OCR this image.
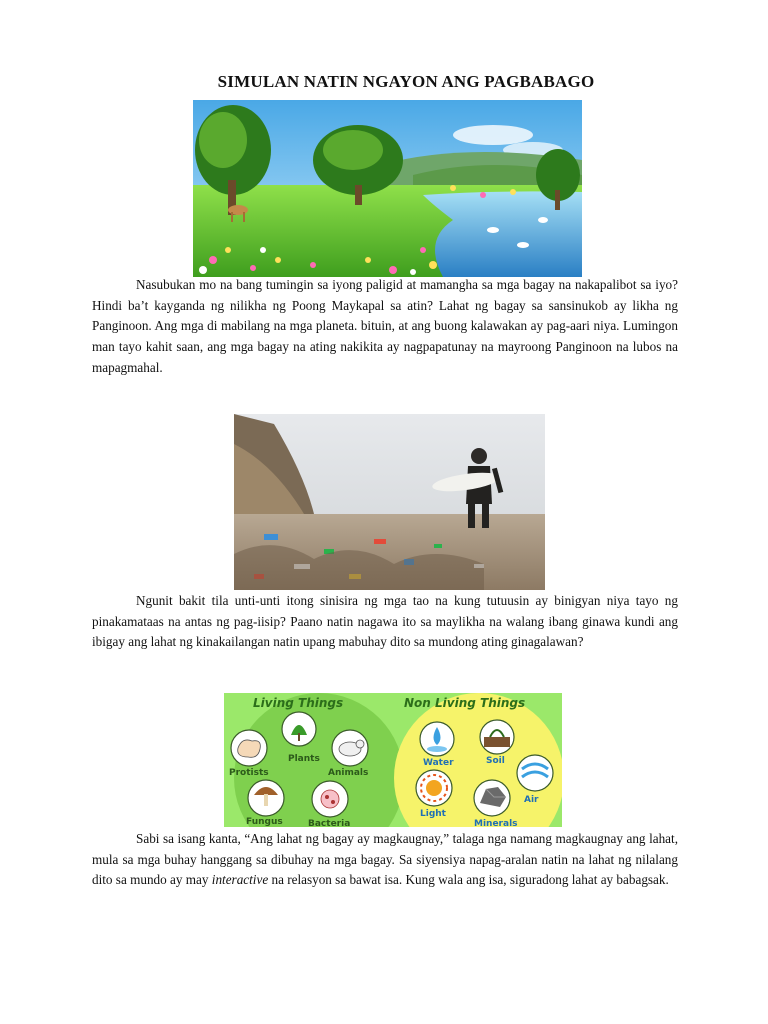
SIMULAN NATIN NGAYON ANG PAGBABAGO

Nasubukan mo na bang tumingin sa iyong paligid at mamangha sa mga bagay na nakapalibot sa iyo? Hindi ba’t kayganda ng nilikha ng Poong Maykapal sa atin? Lahat ng bagay sa sansinukob ay likha ng Panginoon. Ang mga di mabilang na mga planeta. bituin, at ang buong kalawakan ay pag-aari niya. Lumingon man tayo kahit saan, ang mga bagay na ating nakikita ay nagpapatunay na mayroong Panginoon na lubos na mapagmahal.

Ngunit bakit tila unti-unti itong sinisira ng mga tao na kung tutuusin ay binigyan niya tayo ng pinakamataas na antas ng pag-iisip? Paano natin nagawa ito sa maylikha na walang ibang ginawa kundi ang ibigay ang lahat ng kinakailangan natin upang mabuhay dito sa mundong ating ginagalawan?

Living Things	Non Living Things
Plants
Protists	Animals
Fungus	Bacteria
Water	Soil
Air
Light
Minerals

Sabi sa isang kanta, “Ang lahat ng bagay ay magkaugnay,” talaga nga namang magkaugnay ang lahat, mula sa mga buhay hanggang sa dibuhay na mga bagay. Sa siyensiya napag-aralan natin na lahat ng nilalang dito sa mundo ay may interactive na relasyon sa bawat isa. Kung wala ang isa, siguradong lahat ay babagsak.
